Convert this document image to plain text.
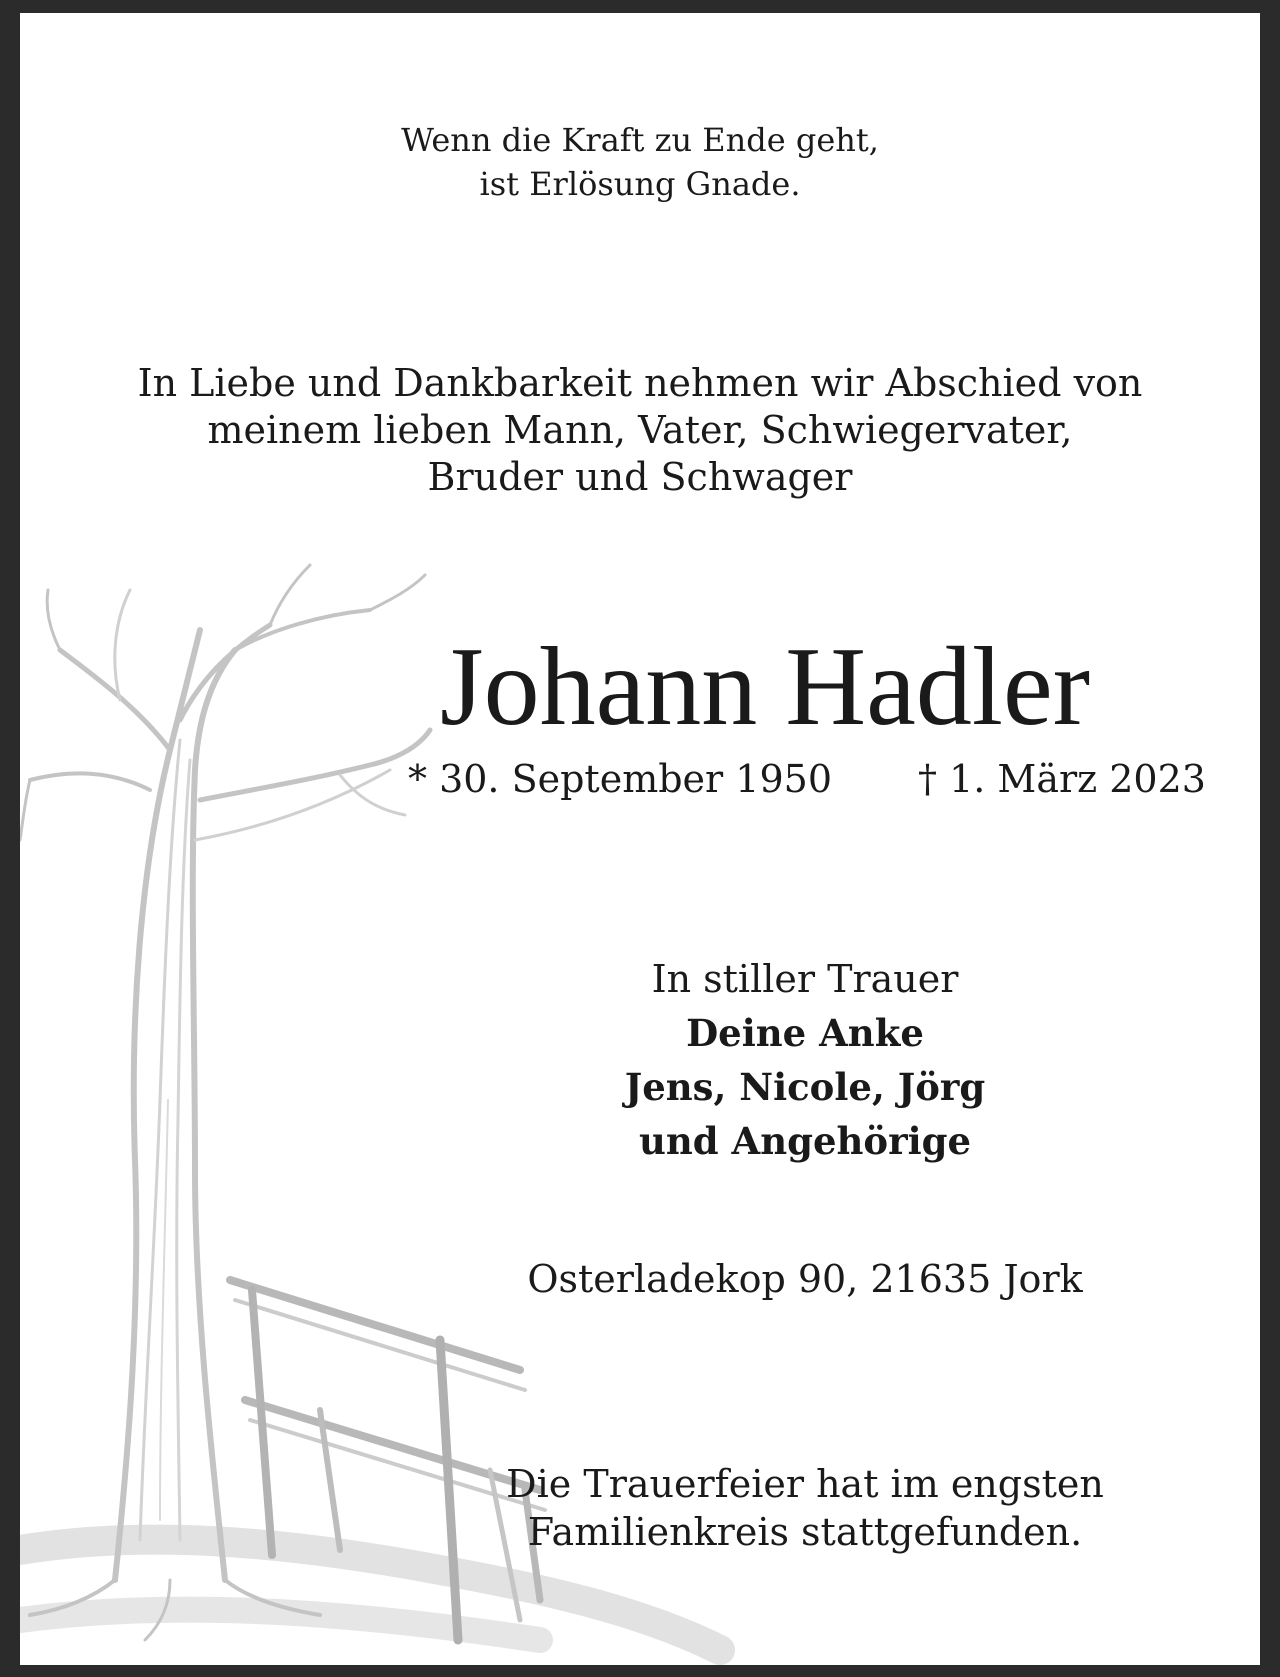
Wenn die Kraft zu Ende geht,
ist Erlösung Gnade.
In Liebe und Dankbarkeit nehmen wir Abschied von
meinem lieben Mann, Vater, Schwiegervater,
Bruder und Schwager
Johann Hadler
* 30. September 1950 † 1. März 2023
In stiller Trauer
Deine Anke
Jens, Nicole, Jörg
und Angehörige
Osterladekop 90, 21635 Jork
Die Trauerfeier hat im engsten
Familienkreis stattgefunden.
